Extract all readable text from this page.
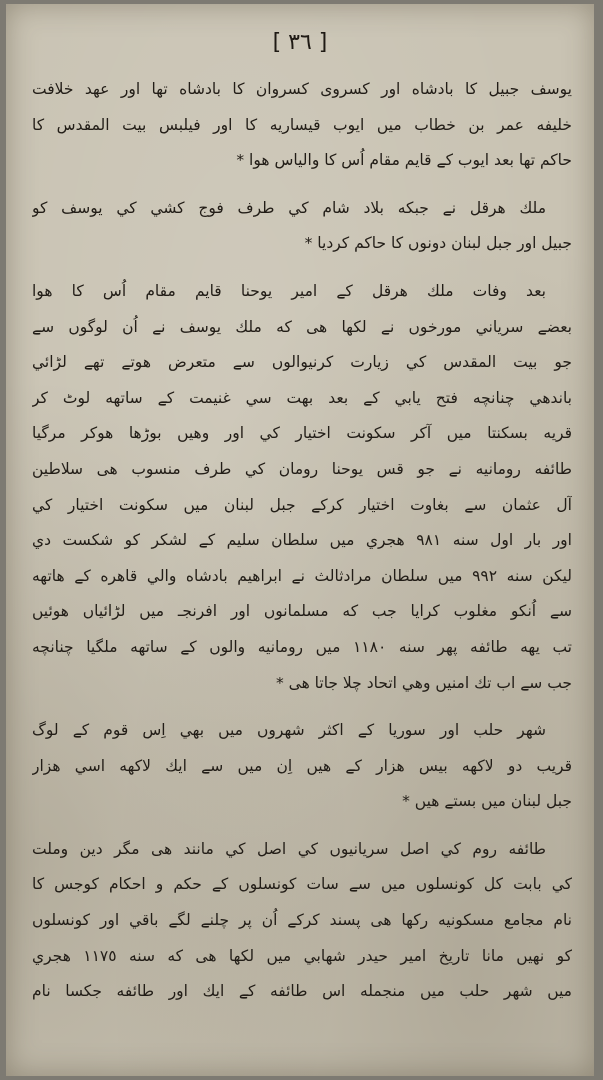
[ ٣٦ ]
يوسف جبيل كا بادشاه اور كسروى كسروان كا بادشاه تها اور عهد خلافت
خليفه عمر بن خطاب ميں ايوب قيساريه كا اور فيلبس بيت المقدس كا
حاكم تها بعد ايوب كے قايم مقام اُس كا والياس هوا *
ملك هرقل نے جبكه بلاد شام كي طرف فوج كشي كي يوسف كو
جبيل اور جبل لبنان دونوں كا حاكم كرديا *
بعد وفات ملك هرقل كے امير يوحنا قايم مقام اُس كا هوا
بعضے سرياني مورخوں نے لكها هى كه ملك يوسف نے اُن لوگوں سے
جو بيت المقدس كي زيارت كرنيوالوں سے متعرض هوتے تھے لڑائي
باندهي چنانچه فتح يابي كے بعد بهت سي غنيمت كے ساتهه لوٹ كر
قريه بسكنتا ميں آكر سكونت اختيار كي اور وهيں بوڑها هوكر مرگيا
طائفه رومانيه نے جو قس يوحنا رومان كي طرف منسوب هى سلاطين
آل عثمان سے بغاوت اختيار كرکے جبل لبنان ميں سكونت اختيار كي
اور بار اول سنه ٩٨١ هجري ميں سلطان سليم كے لشكر كو شكست دي
ليكن سنه ٩٩٢ ميں سلطان مرادثالث نے ابراهيم بادشاه والي قاهره كے هاتهه
سے اُنكو مغلوب كرايا جب كه مسلمانوں اور افرنجـ ميں لڑائياں هوئيں
تب يهه طائفه پهر سنه ١١٨٠ ميں رومانيه والوں كے ساتهه ملگيا چنانچه
جب سے اب تك امنيں وهي اتحاد چلا جاتا هى *
شهر حلب اور سوريا كے اكثر شهروں ميں بهي اِس قوم كے لوگ
قريب دو لاكهه بيس هزار كے هيں اِن ميں سے ايك لاكهه اسي هزار
جبل لبنان ميں بستے هيں *
طائفه روم كي اصل سريانيوں كي اصل كي مانند هى مگر دين وملت
كي بابت كل كونسلوں ميں سے سات كونسلوں كے حكم و احكام كوجس كا
نام مجامع مسكونيه ركها هى پسند كركے اُن پر چلنے لگے باقي اور كونسلوں
كو نهيں مانا تاريخ امير حيدر شهابي ميں لكها هى كه سنه ١١٧٥ هجري
ميں شهر حلب ميں منجمله اس طائفه كے ايك اور طائفه جكسا نام
